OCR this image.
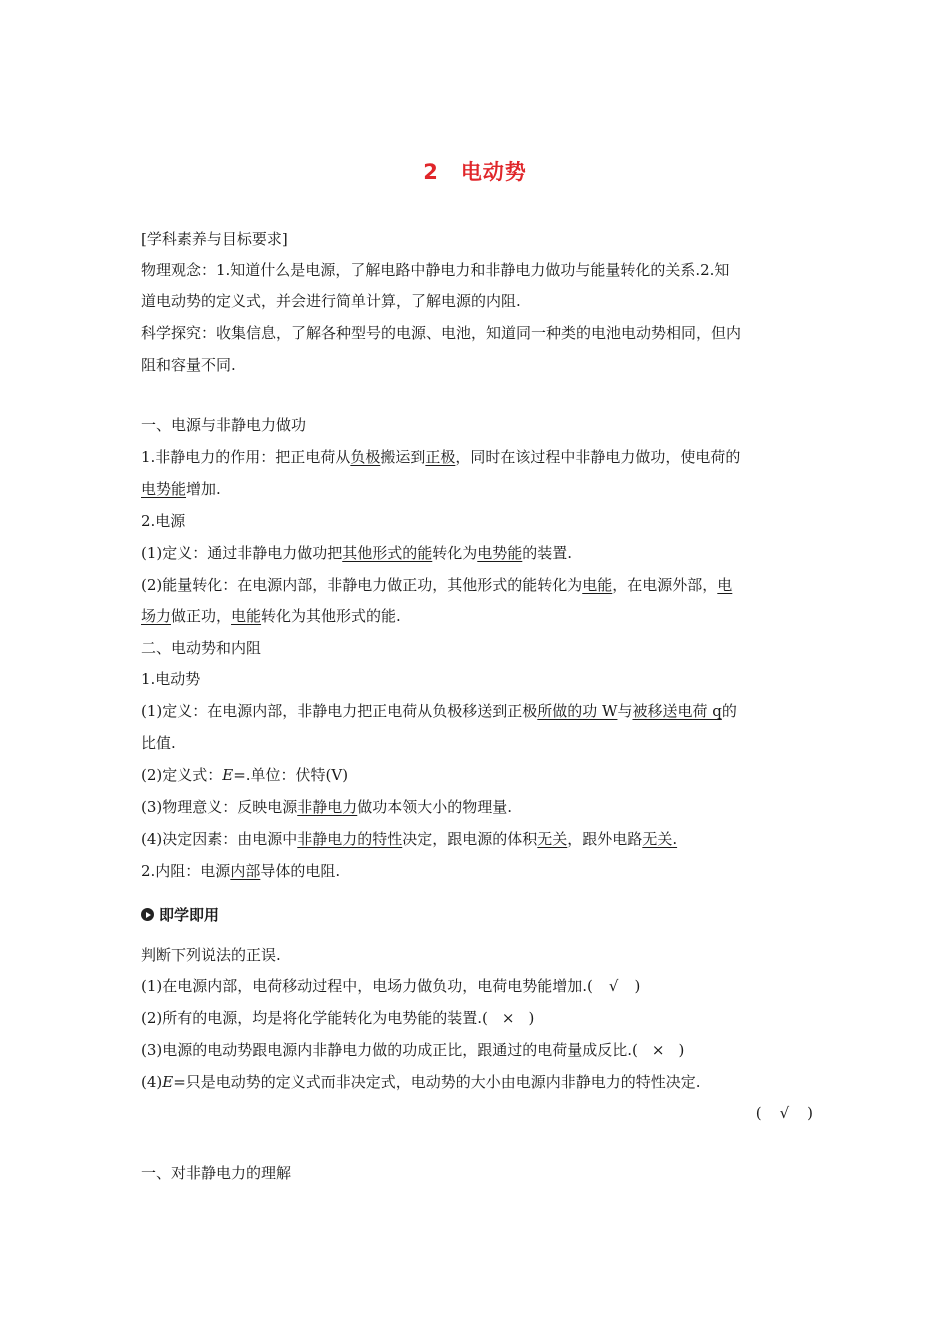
2 电动势
[学科素养与目标要求]
物理观念：1.知道什么是电源，了解电路中静电力和非静电力做功与能量转化的关系.2.知
道电动势的定义式，并会进行简单计算，了解电源的内阻.
科学探究：收集信息，了解各种型号的电源、电池，知道同一种类的电池电动势相同，但内
阻和容量不同.
一、电源与非静电力做功
1.非静电力的作用：把正电荷从负极搬运到正极，同时在该过程中非静电力做功，使电荷的
电势能增加.
2.电源
(1)定义：通过非静电力做功把其他形式的能转化为电势能的装置.
(2)能量转化：在电源内部，非静电力做正功，其他形式的能转化为电能，在电源外部，电
场力做正功，电能转化为其他形式的能.
二、电动势和内阻
1.电动势
(1)定义：在电源内部，非静电力把正电荷从负极移送到正极所做的功 W与被移送电荷 q的
比值.
(2)定义式：E=.单位：伏特(V)
(3)物理意义：反映电源非静电力做功本领大小的物理量.
(4)决定因素：由电源中非静电力的特性决定，跟电源的体积无关，跟外电路无关.
2.内阻：电源内部导体的电阻.
即学即用
判断下列说法的正误.
(1)在电源内部，电荷移动过程中，电场力做负功，电荷电势能增加.( √ )
(2)所有的电源，均是将化学能转化为电势能的装置.( × )
(3)电源的电动势跟电源内非静电力做的功成正比，跟通过的电荷量成反比.( × )
(4)E=只是电动势的定义式而非决定式，电动势的大小由电源内非静电力的特性决定.
( √ )
一、对非静电力的理解
